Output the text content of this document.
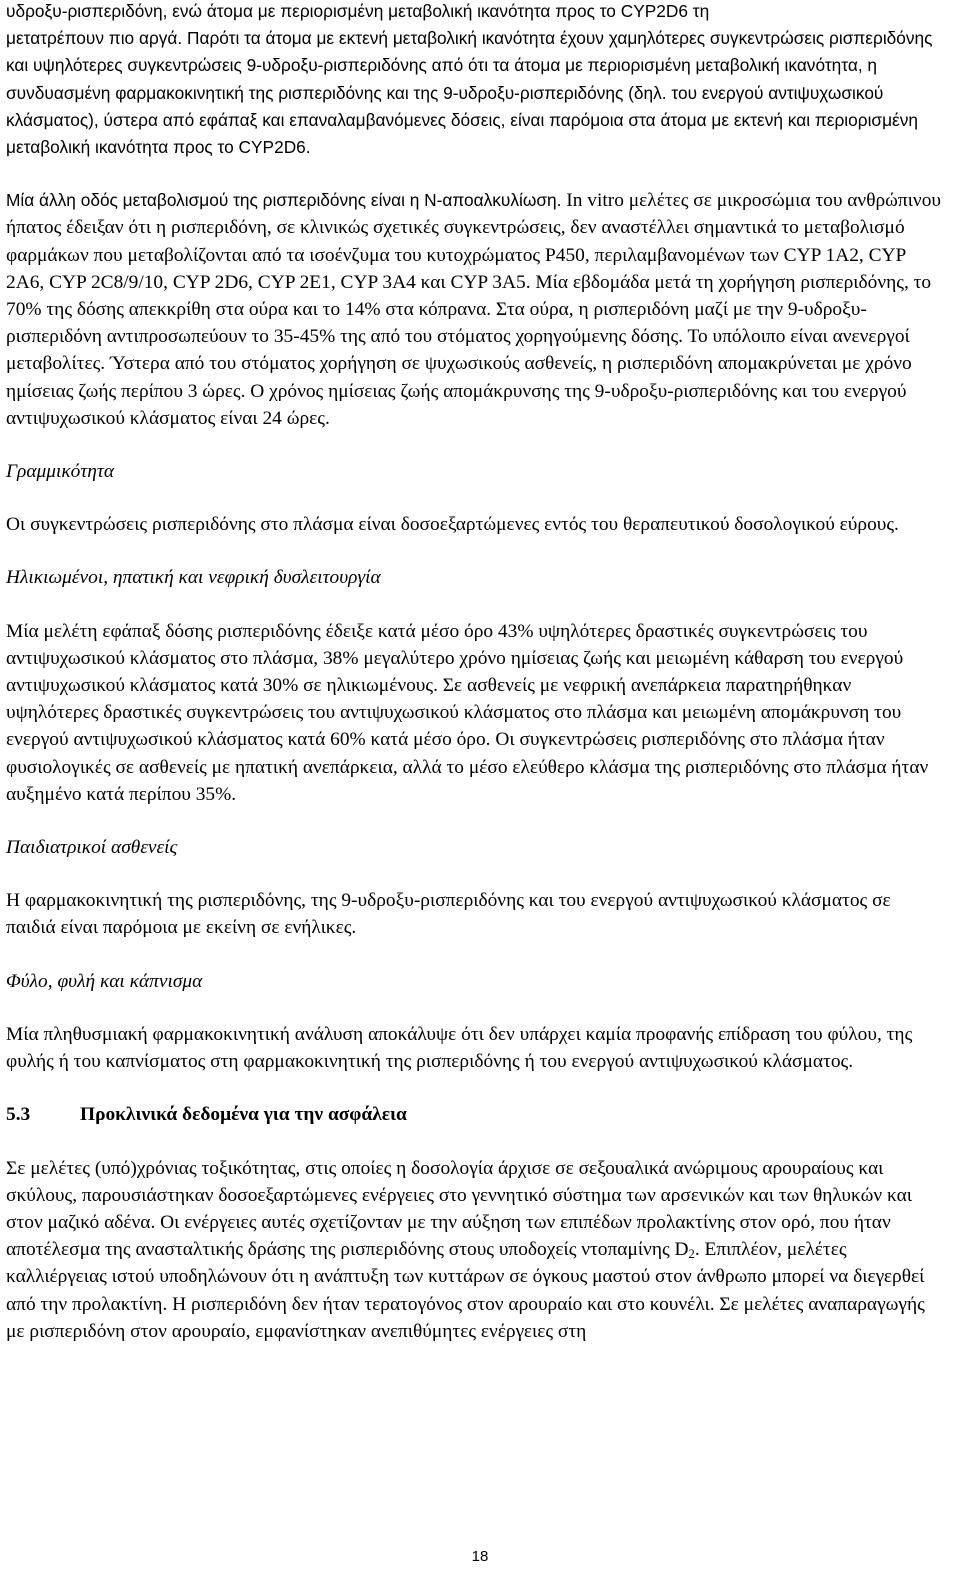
υδροξυ-ρισπεριδόνη, ενώ άτομα με περιορισμένη μεταβολική ικανότητα προς το CYP2D6 τη

μετατρέπουν πιο αργά. Παρότι τα άτομα με εκτενή μεταβολική ικανότητα έχουν χαμηλότερες συγκεντρώσεις ρισπεριδόνης και υψηλότερες συγκεντρώσεις 9-υδροξυ-ρισπεριδόνης από ότι τα άτομα με περιορισμένη μεταβολική ικανότητα, η συνδυασμένη φαρμακοκινητική της ρισπεριδόνης και της 9-υδροξυ-ρισπεριδόνης (δηλ. του ενεργού αντιψυχωσικού κλάσματος), ύστερα από εφάπαξ και επαναλαμβανόμενες δόσεις, είναι παρόμοια στα άτομα με εκτενή και περιορισμένη μεταβολική ικανότητα προς το CYP2D6.

Μία άλλη οδός μεταβολισμού της ρισπεριδόνης είναι η Ν-αποαλκυλίωση. In vitro μελέτες σε μικροσώμια του ανθρώπινου ήπατος έδειξαν ότι η ρισπεριδόνη, σε κλινικώς σχετικές συγκεντρώσεις, δεν αναστέλλει σημαντικά το μεταβολισμό φαρμάκων που μεταβολίζονται από τα ισοένζυμα του κυτοχρώματος P450, περιλαμβανομένων των CYP 1A2, CYP 2A6, CYP 2C8/9/10, CYP 2D6, CYP 2E1, CYP 3A4 και CYP 3A5. Μία εβδομάδα μετά τη χορήγηση ρισπεριδόνης, το 70% της δόσης απεκκρίθη στα ούρα και το 14% στα κόπρανα. Στα ούρα, η ρισπεριδόνη μαζί με την 9-υδροξυ-ρισπεριδόνη αντιπροσωπεύουν το 35-45% της από του στόματος χορηγούμενης δόσης. Το υπόλοιπο είναι ανενεργοί μεταβολίτες. Ύστερα από του στόματος χορήγηση σε ψυχωσικούς ασθενείς, η ρισπεριδόνη απομακρύνεται με χρόνο ημίσειας ζωής περίπου 3 ώρες. Ο χρόνος ημίσειας ζωής απομάκρυνσης της 9-υδροξυ-ρισπεριδόνης και του ενεργού αντιψυχωσικού κλάσματος είναι 24 ώρες.

Γραμμικότητα

Οι συγκεντρώσεις ρισπεριδόνης στο πλάσμα είναι δοσοεξαρτώμενες εντός του θεραπευτικού δοσολογικού εύρους.

Ηλικιωμένοι, ηπατική και νεφρική δυσλειτουργία

Μία μελέτη εφάπαξ δόσης ρισπεριδόνης έδειξε κατά μέσο όρο 43% υψηλότερες δραστικές συγκεντρώσεις του αντιψυχωσικού κλάσματος στο πλάσμα, 38% μεγαλύτερο χρόνο ημίσειας ζωής και μειωμένη κάθαρση του ενεργού αντιψυχωσικού κλάσματος κατά 30% σε ηλικιωμένους. Σε ασθενείς με νεφρική ανεπάρκεια παρατηρήθηκαν υψηλότερες δραστικές συγκεντρώσεις του αντιψυχωσικού κλάσματος στο πλάσμα και μειωμένη απομάκρυνση του ενεργού αντιψυχωσικού κλάσματος κατά 60% κατά μέσο όρο. Οι συγκεντρώσεις ρισπεριδόνης στο πλάσμα ήταν φυσιολογικές σε ασθενείς με ηπατική ανεπάρκεια, αλλά το μέσο ελεύθερο κλάσμα της ρισπεριδόνης στο πλάσμα ήταν αυξημένο κατά περίπου 35%.

Παιδιατρικοί ασθενείς

Η φαρμακοκινητική της ρισπεριδόνης, της 9-υδροξυ-ρισπεριδόνης και του ενεργού αντιψυχωσικού κλάσματος σε παιδιά είναι παρόμοια με εκείνη σε ενήλικες.

Φύλο, φυλή και κάπνισμα

Μία πληθυσμιακή φαρμακοκινητική ανάλυση αποκάλυψε ότι δεν υπάρχει καμία προφανής επίδραση του φύλου, της φυλής ή του καπνίσματος στη φαρμακοκινητική της ρισπεριδόνης ή του ενεργού αντιψυχωσικού κλάσματος.

5.3	Προκλινικά δεδομένα για την ασφάλεια

Σε μελέτες (υπό)χρόνιας τοξικότητας, στις οποίες η δοσολογία άρχισε σε σεξουαλικά ανώριμους αρουραίους και σκύλους, παρουσιάστηκαν δοσοεξαρτώμενες ενέργειες στο γεννητικό σύστημα των αρσενικών και των θηλυκών και στον μαζικό αδένα. Οι ενέργειες αυτές σχετίζονταν με την αύξηση των επιπέδων προλακτίνης στον ορό, που ήταν αποτέλεσμα της ανασταλτικής δράσης της ρισπεριδόνης στους υποδοχείς ντοπαμίνης $D_2$. Επιπλέον, μελέτες καλλιέργειας ιστού υποδηλώνουν ότι η ανάπτυξη των κυττάρων σε όγκους μαστού στον άνθρωπο μπορεί να διεγερθεί από την προλακτίνη. Η ρισπεριδόνη δεν ήταν τερατογόνος στον αρουραίο και στο κουνέλι. Σε μελέτες αναπαραγωγής με ρισπεριδόνη στον αρουραίο, εμφανίστηκαν ανεπιθύμητες ενέργειες στη

18
